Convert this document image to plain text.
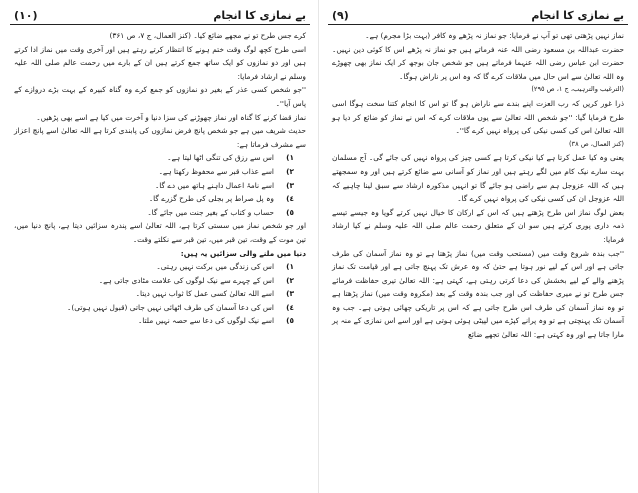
بے نمازی کا انجام
(١٠)

کرے جس طرح تو نے مجھے ضائع کیا۔ (کنز العمال، ج ۷، ص ۳۶۱)

اسی طرح کچھ لوگ وقت ختم ہونے کا انتظار کرتے رہتے ہیں اور آخری وقت میں نماز ادا کرتے ہیں اور دو نمازوں کو ایک ساتھ جمع کرتے ہیں ان کے بارے میں رحمت عالم صلی اللہ علیہ وسلم نے ارشاد فرمایا:

''جو شخص کسی عذر کے بغیر دو نمازوں کو جمع کرے وہ گناہ کبیرہ کے بہت بڑے دروازے کے پاس آیا''۔

نماز قضا کرنے کا گناہ اور نماز چھوڑنے کی سزا دنیا و آخرت میں کیا ہے اسے بھی پڑھیں۔

حدیث شریف میں ہے جو شخص پانچ فرض نمازوں کی پابندی کرتا ہے اللہ تعالیٰ اسے پانچ اعزاز سے مشرف فرماتا ہے:

١)
اس سے رزق کی تنگی اٹھا لیتا ہے۔
٢)
اسے عذاب قبر سے محفوظ رکھتا ہے۔
٣)
اسے نامۂ اعمال داہنے ہاتھ میں دے گا۔
٤)
وہ پل صراط پر بجلی کی طرح گزرے گا۔
٥)
حساب و کتاب کے بغیر جنت میں جائے گا۔

اور جو شخص نماز میں سستی کرتا ہے، اللہ تعالیٰ اسے پندرہ سزائیں دیتا ہے، پانچ دنیا میں، تین موت کے وقت، تین قبر میں، تین قبر سے نکلتے وقت۔

دنیا میں ملنے والی سزائیں یہ ہیں:

١)
اس کی زندگی میں برکت نہیں رہتی۔
٢)
اس کے چہرے سے نیک لوگوں کی علامت مٹادی جاتی ہے۔
٣)
اسے اللہ تعالیٰ کسی عمل کا ثواب نہیں دیتا۔
٤)
اس کی دعا آسمان کی طرف اٹھائی نہیں جاتی (قبول نہیں ہوتی)۔
٥)
اسے نیک لوگوں کی دعا سے حصہ نہیں ملتا۔
بے نمازی کا انجام
(٩)

نماز نہیں پڑھتی تھی تو آپ نے فرمایا: جو نماز نہ پڑھے وہ کافر (بہت بڑا مجرم) ہے۔

حضرت عبداللہ بن مسعود رضی اللہ عنہ فرماتے ہیں جو نماز نہ پڑھے اس کا کوئی دین نہیں۔ حضرت ابن عباس رضی اللہ عنہما فرماتے ہیں جو شخص جان بوجھ کر ایک نماز بھی چھوڑے وہ اللہ تعالیٰ سے اس حال میں ملاقات کرے گا کہ وہ اس پر ناراض ہوگا۔

(الترغیب والترہیب، ج ١، ص ٢٩٥)

ذرا غور کریں کہ رب العزت اپنے بندے سے ناراض ہو گا تو اس کا انجام کتنا سخت ہوگا اسی طرح فرمایا گیا: ''جو شخص اللہ تعالیٰ سے یوں ملاقات کرے کہ اس نے نماز کو ضائع کر دیا ہو اللہ تعالیٰ اس کی کسی نیکی کی پرواہ نہیں کرے گا''۔

(کنز العمال، ص ۳۸)

یعنی وہ کیا عمل کرتا ہے کیا نیکی کرتا ہے کسی چیز کی پرواہ نہیں کی جائے گی۔ آج مسلمان بہت سارے نیک کام میں لگے رہتے ہیں اور نماز کو آسانی سے ضائع کرتے ہیں اور وہ سمجھتے ہیں کہ اللہ عزوجل ہم سے راضی ہو جائے گا تو انہیں مذکورہ ارشاد سے سبق لینا چاہیے کہ اللہ عزوجل ان کی کسی نیکی کی پرواہ نہیں کرے گا۔

بعض لوگ نماز اس طرح پڑھتے ہیں کہ اس کے ارکان کا خیال نہیں کرتے گویا وہ جیسے تیسے ذمہ داری پوری کرتے ہیں سو ان کے متعلق رحمت عالم صلی اللہ علیہ وسلم نے کیا ارشاد فرمایا:

''جب بندہ شروع وقت میں (مستحب وقت میں) نماز پڑھتا ہے تو وہ نماز آسمان کی طرف جاتی ہے اور اس کے لیے نور ہوتا ہے حتیٰ کہ وہ عرش تک پہنچ جاتی ہے اور قیامت تک نماز پڑھنے والے کے لیے بخشش کی دعا کرتی رہتی ہے، کہتی ہے: اللہ تعالیٰ تیری حفاظت فرمائے جس طرح تو نے میری حفاظت کی اور جب بندہ وقت کے بعد (مکروہ وقت میں) نماز پڑھتا ہے تو وہ نماز آسمان کی طرف اس طرح جاتی ہے کہ اس پر تاریکی چھائی ہوتی ہے۔ جب وہ آسمان تک پہنچتی ہے تو وہ پرانے کپڑے میں لپیٹی ہوئی ہوتی ہے اور اسے اس نمازی کے منہ پر مارا جاتا ہے اور وہ کہتی ہے: اللہ تعالیٰ تجھے ضائع
